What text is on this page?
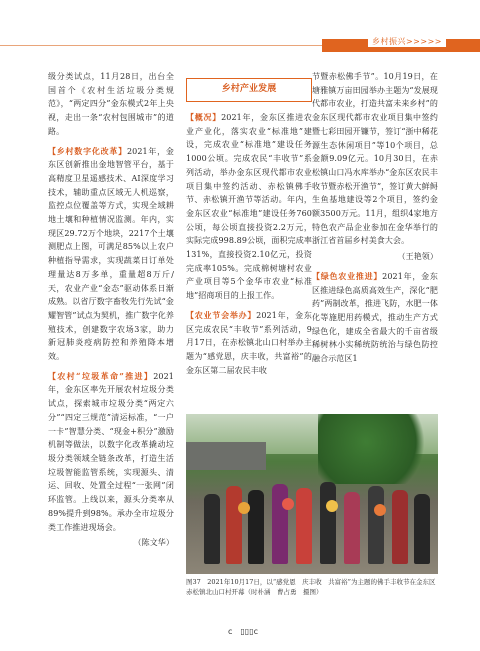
乡村振兴>>>>>

级分类试点，11月28日，出台全国首个《农村生活垃圾分类规范》，“两定四分”金东模式2年上央视，走出一条“农村包围城市”的道路。

【乡村数字化改革】2021年，金东区创新推出金地智管平台，基于高精度卫星遥感技术、AI深度学习技术，辅助重点区域无人机巡察，监控点位覆盖等方式，实现全域耕地土壤和种植情况监测。年内，实现区29.72万个地块，2217个土壤测肥点上图，可满足85%以上农户种植指导需求，实现蔬菜日订单处理量达8万多单，重量超8万斤/天，农业产业“金态”驱动体系日渐成熟。以省厅数字畜牧先行先试“金耀智管”试点为契机，推广数字化养殖技术，创建数字农场3家，助力新冠肺炎疫病防控和养殖降本增效。

【农村“垃圾革命”推进】2021年，金东区率先开展农村垃圾分类试点，探索城市垃圾分类“两定六分”“四定三规范”清运标准，“一户一卡”智慧分类、“现金+积分”激励机制等做法，以数字化改革撬动垃圾分类领域全链条改革，打造生活垃圾智能监管系统，实现源头、清运、回收、处置全过程“一张网”闭环监管。上线以来，源头分类率从89%提升到98%。承办全市垃圾分类工作推进现场会。

（陈文华）
乡村产业发展

【概况】2021年，金东区推进农业产业化，落实农业“标准地”建设，完成农业“标准地”建设任务1000公顷。完成农民“丰收节”系列活动，举办金东区现代都市农业项目集中签约活动、赤松镇佛手节、赤松镇开渔节等活动。年内，金东区农业“标准地”建设任务760公顷，每公顷直接投资2.2万元，实际完成998.89公顷，面积完成率131%，直接投资2.10亿元，投资完成率105%。完成棉树塘村农业产业项目等5个金华市农业“标准地”招商项目的上报工作。

【农业节会举办】2021年，金东区完成农民“丰收节”系列活动，9月17日，在赤松镇北山口村举办主题为“感党恩，庆丰收，共富裕”的金东区第二届农民丰收

节暨赤松佛手节”。10月19日，在塘雅镇万亩田园举办主题为“发展现代都市农业，打造共富未来乡村”的金东区现代都市农业项目集中签约暨七彩田园开镰节，签订“浙中稀花源生态休闲项目”等10个项目，总金额9.09亿元。10月30日，在赤松镇山口冯水库举办“金东区农民丰收节暨赤松开渔节”，签订黄大鲜鲟生鱼基地建设等2个项目，签约金额3500万元。11月，组织4家地方特色农产品企业参加在金华举行的浙江省首届乡村美食大会。

（王艳领）

【绿色农业推进】2021年，金东区推进绿色高质高效生产，深化“肥药”两制改革，推进飞防，水肥一体化等施肥用药模式，推动生产方式绿色化，建成全省最大的千亩省级稀树林小实稀统防统治与绿色防控融合示范区1

图37　2021年10月17日，以“感党恩　庆丰收　共富裕”为主题的佛手丰收节在金东区赤松镇北山口村开幕（时朴涵　曹占勇　摄图）
c　▯▯▯c
